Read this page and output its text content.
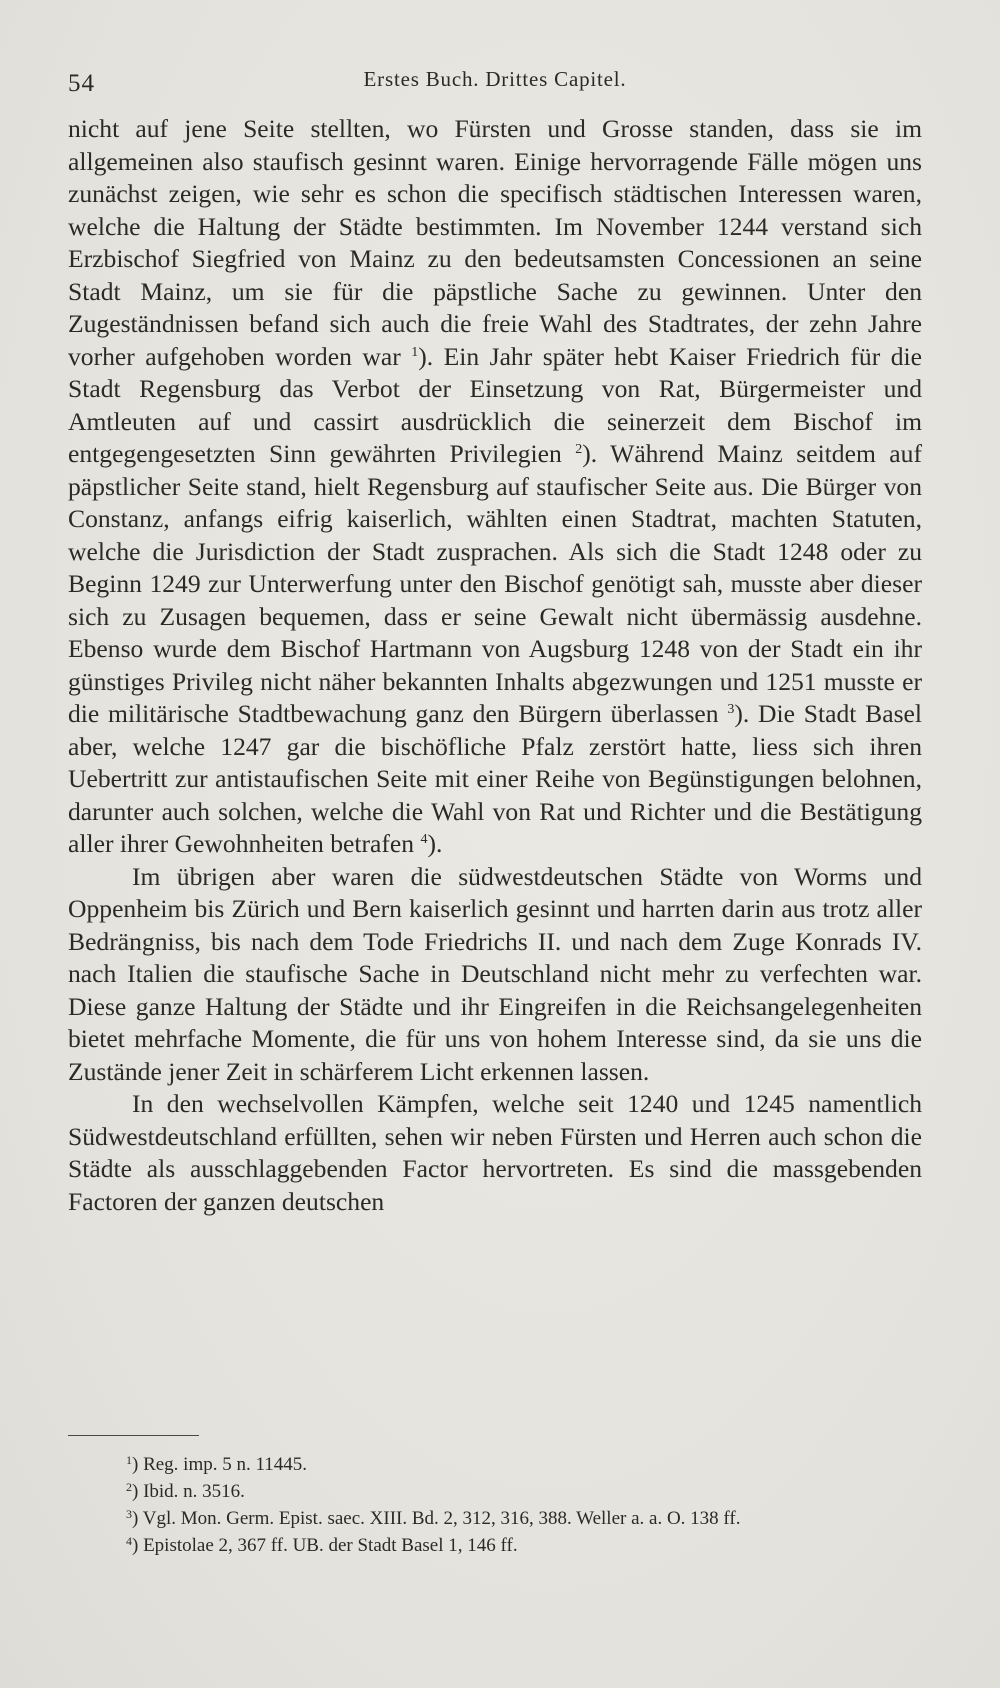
54	Erstes Buch. Drittes Capitel.

nicht auf jene Seite stellten, wo Fürsten und Grosse standen, dass sie im allgemeinen also staufisch gesinnt waren. Einige hervorragende Fälle mögen uns zunächst zeigen, wie sehr es schon die specifisch städtischen Interessen waren, welche die Haltung der Städte bestimmten. Im November 1244 verstand sich Erzbischof Siegfried von Mainz zu den bedeutsamsten Concessionen an seine Stadt Mainz, um sie für die päpstliche Sache zu gewinnen. Unter den Zugeständnissen befand sich auch die freie Wahl des Stadtrates, der zehn Jahre vorher aufgehoben worden war $^1$). Ein Jahr später hebt Kaiser Friedrich für die Stadt Regensburg das Verbot der Einsetzung von Rat, Bürgermeister und Amtleuten auf und cassirt ausdrücklich die seinerzeit dem Bischof im entgegengesetzten Sinn gewährten Privilegien $^2$). Während Mainz seitdem auf päpstlicher Seite stand, hielt Regensburg auf staufischer Seite aus. Die Bürger von Constanz, anfangs eifrig kaiserlich, wählten einen Stadtrat, machten Statuten, welche die Jurisdiction der Stadt zusprachen. Als sich die Stadt 1248 oder zu Beginn 1249 zur Unterwerfung unter den Bischof genötigt sah, musste aber dieser sich zu Zusagen bequemen, dass er seine Gewalt nicht übermässig ausdehne. Ebenso wurde dem Bischof Hartmann von Augsburg 1248 von der Stadt ein ihr günstiges Privileg nicht näher bekannten Inhalts abgezwungen und 1251 musste er die militärische Stadtbewachung ganz den Bürgern überlassen $^3$). Die Stadt Basel aber, welche 1247 gar die bischöfliche Pfalz zerstört hatte, liess sich ihren Uebertritt zur antistaufischen Seite mit einer Reihe von Begünstigungen belohnen, darunter auch solchen, welche die Wahl von Rat und Richter und die Bestätigung aller ihrer Gewohnheiten betrafen $^4$).

Im übrigen aber waren die südwestdeutschen Städte von Worms und Oppenheim bis Zürich und Bern kaiserlich gesinnt und harrten darin aus trotz aller Bedrängniss, bis nach dem Tode Friedrichs II. und nach dem Zuge Konrads IV. nach Italien die staufische Sache in Deutschland nicht mehr zu verfechten war. Diese ganze Haltung der Städte und ihr Eingreifen in die Reichsangelegenheiten bietet mehrfache Momente, die für uns von hohem Interesse sind, da sie uns die Zustände jener Zeit in schärferem Licht erkennen lassen.

In den wechselvollen Kämpfen, welche seit 1240 und 1245 namentlich Südwestdeutschland erfüllten, sehen wir neben Fürsten und Herren auch schon die Städte als ausschlaggebenden Factor hervortreten. Es sind die massgebenden Factoren der ganzen deutschen

$^1$) Reg. imp. 5 n. 11445.

$^2$) Ibid. n. 3516.

$^3$) Vgl. Mon. Germ. Epist. saec. XIII. Bd. 2, 312, 316, 388. Weller a. a. O. 138 ff.

$^4$) Epistolae 2, 367 ff. UB. der Stadt Basel 1, 146 ff.
